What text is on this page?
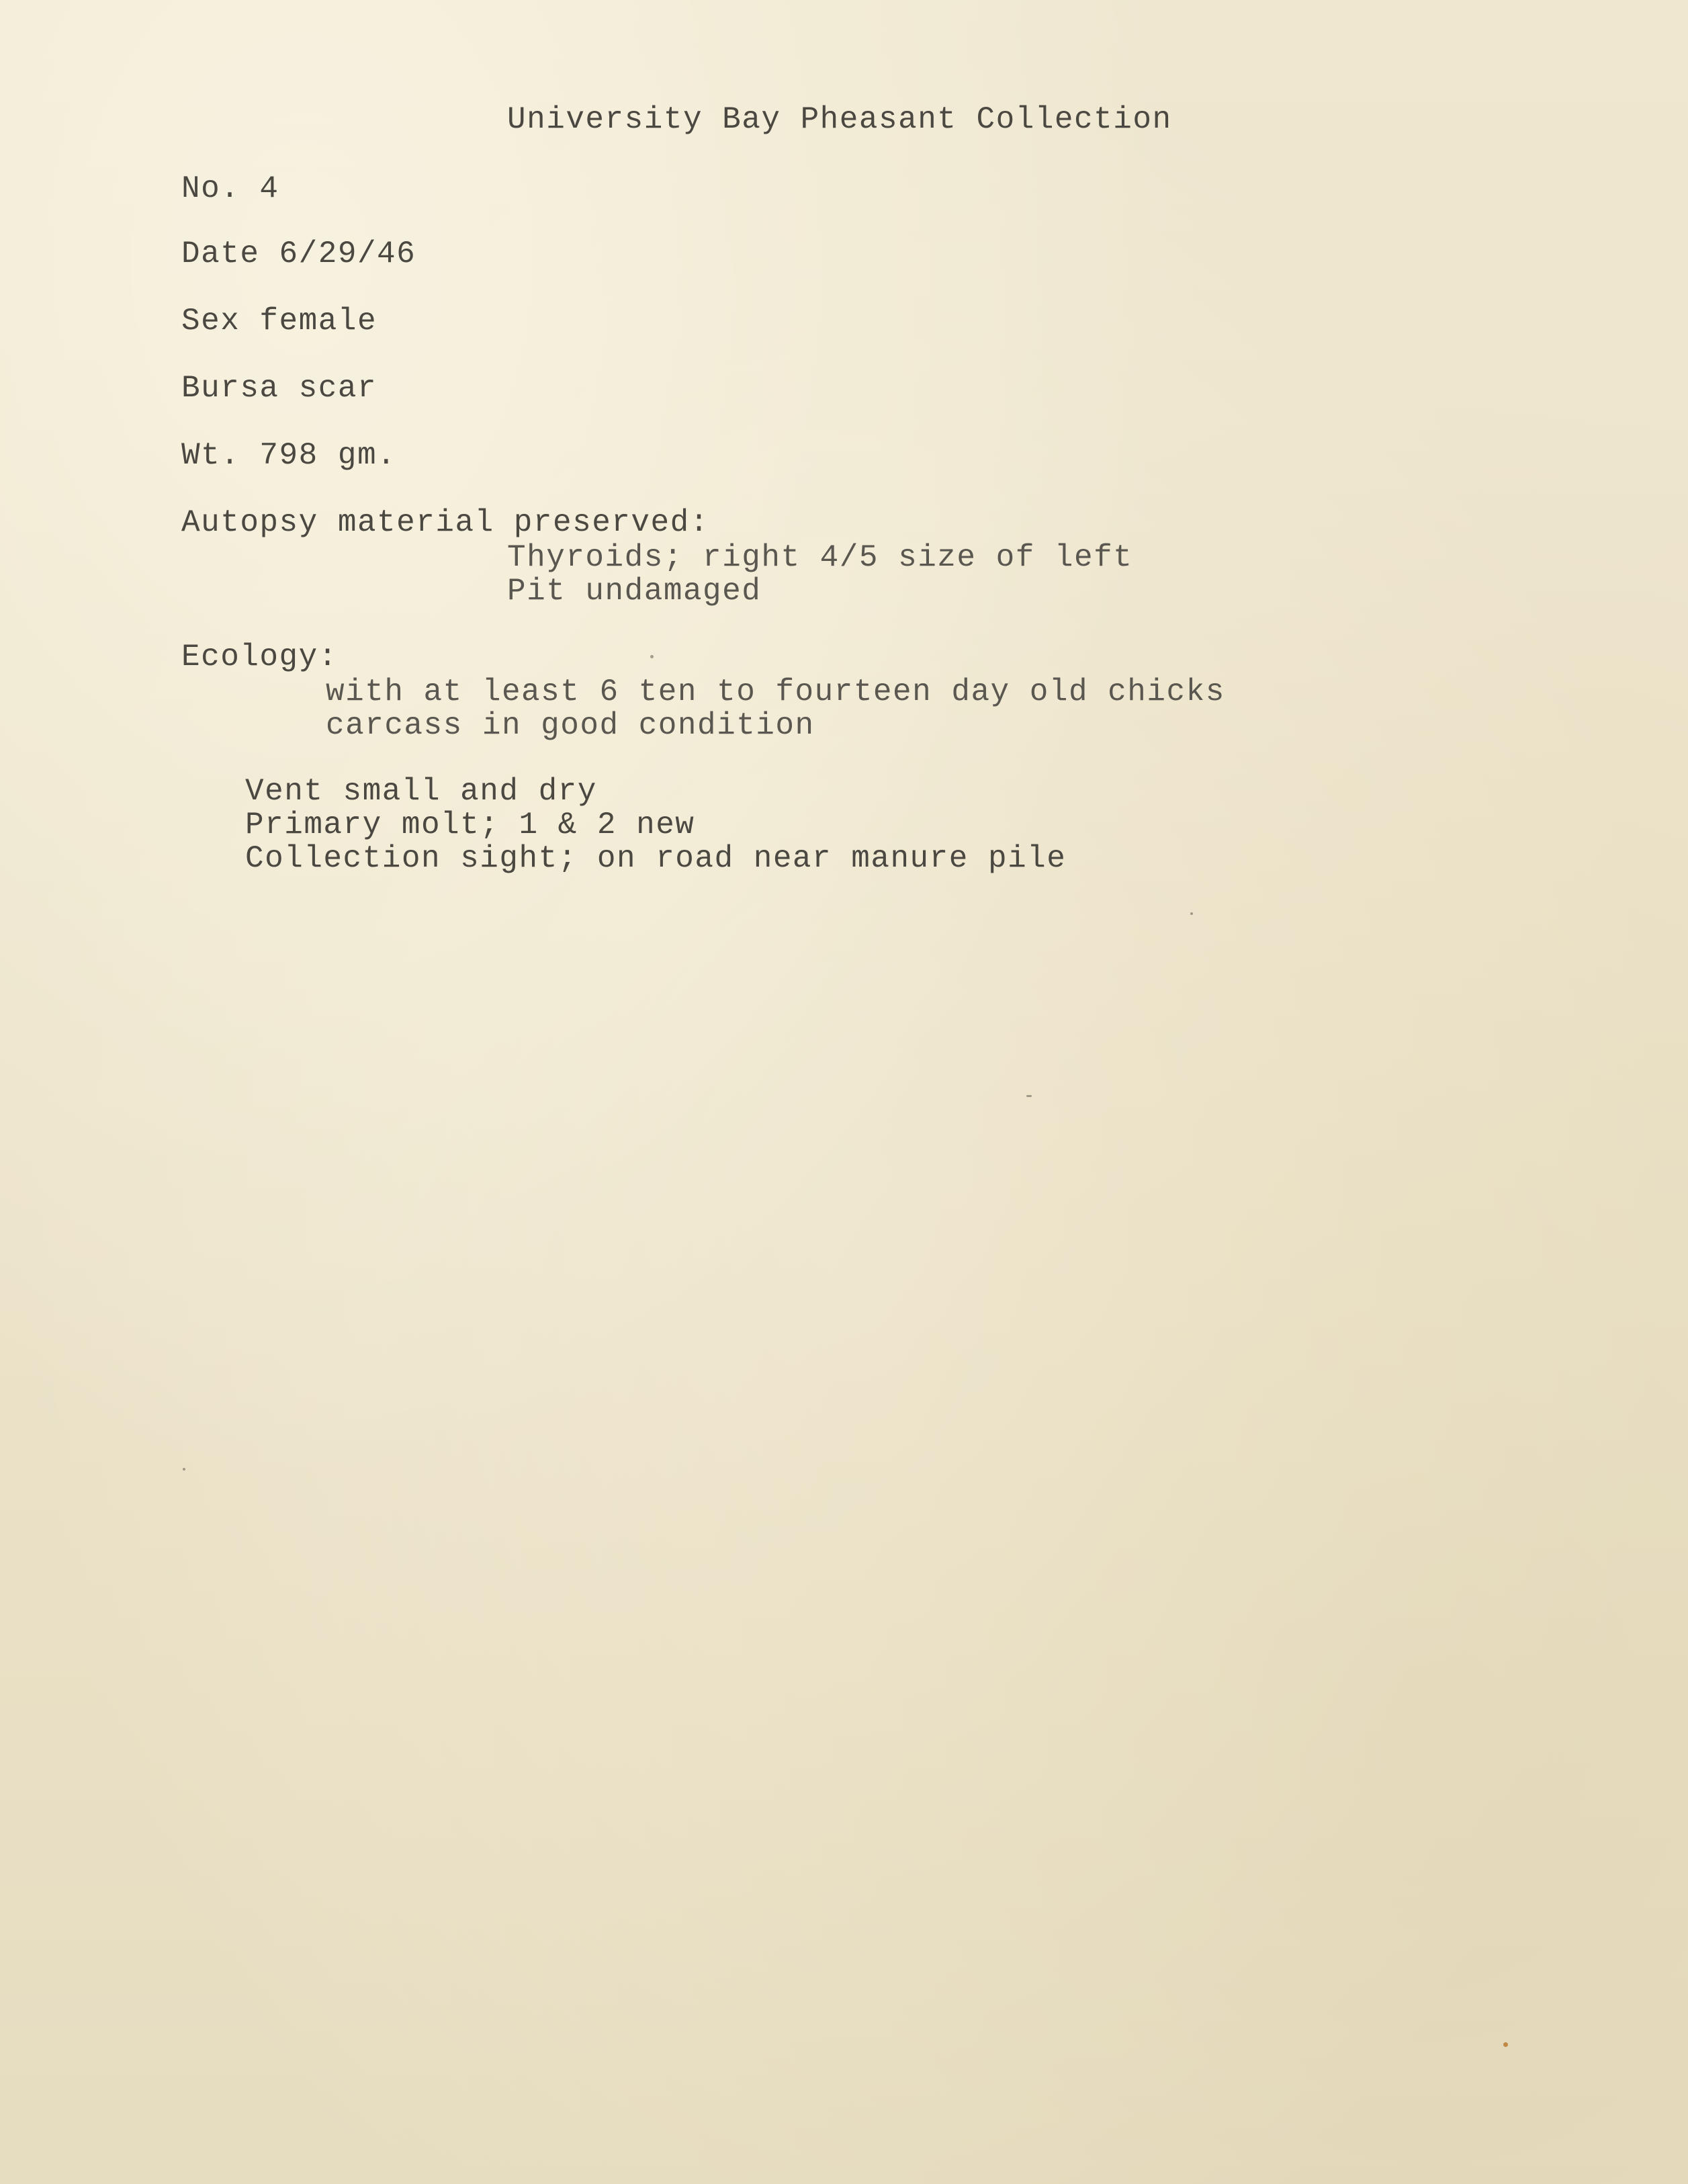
University Bay Pheasant Collection

No. 4

Date 6/29/46

Sex female

Bursa scar

Wt. 798 gm.

Autopsy material preserved:

Thyroids; right 4/5 size of left

Pit undamaged

Ecology:

with at least 6 ten to fourteen day old chicks

carcass in good condition

Vent small and dry

Primary molt; 1 & 2 new

Collection sight; on road near manure pile
